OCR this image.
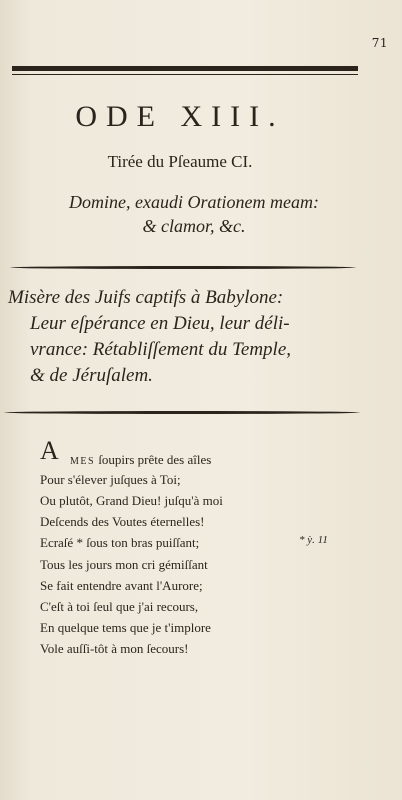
71
ODE XIII.
Tirée du Pſeaume CI.
Domine, exaudi Orationem meam:
& clamor, &c.
Misère des Juifs captifs à Babylone:
Leur eſpérance en Dieu, leur déli-
vrance: Rétabliſſement du Temple,
& de Jéruſalem.
A MES ſoupirs prête des aîles
Pour s'élever juſques à Toi;
Ou plutôt, Grand Dieu! juſqu'à moi
Deſcends des Voutes éternelles!
Ecraſé * ſous ton bras puiſſant;	* ỳ. 11
Tous les jours mon cri gémiſſant
Se fait entendre avant l'Aurore;
C'eſt à toi ſeul que j'ai recours,
En quelque tems que je t'implore
Vole auſſi-tôt à mon ſecours!
